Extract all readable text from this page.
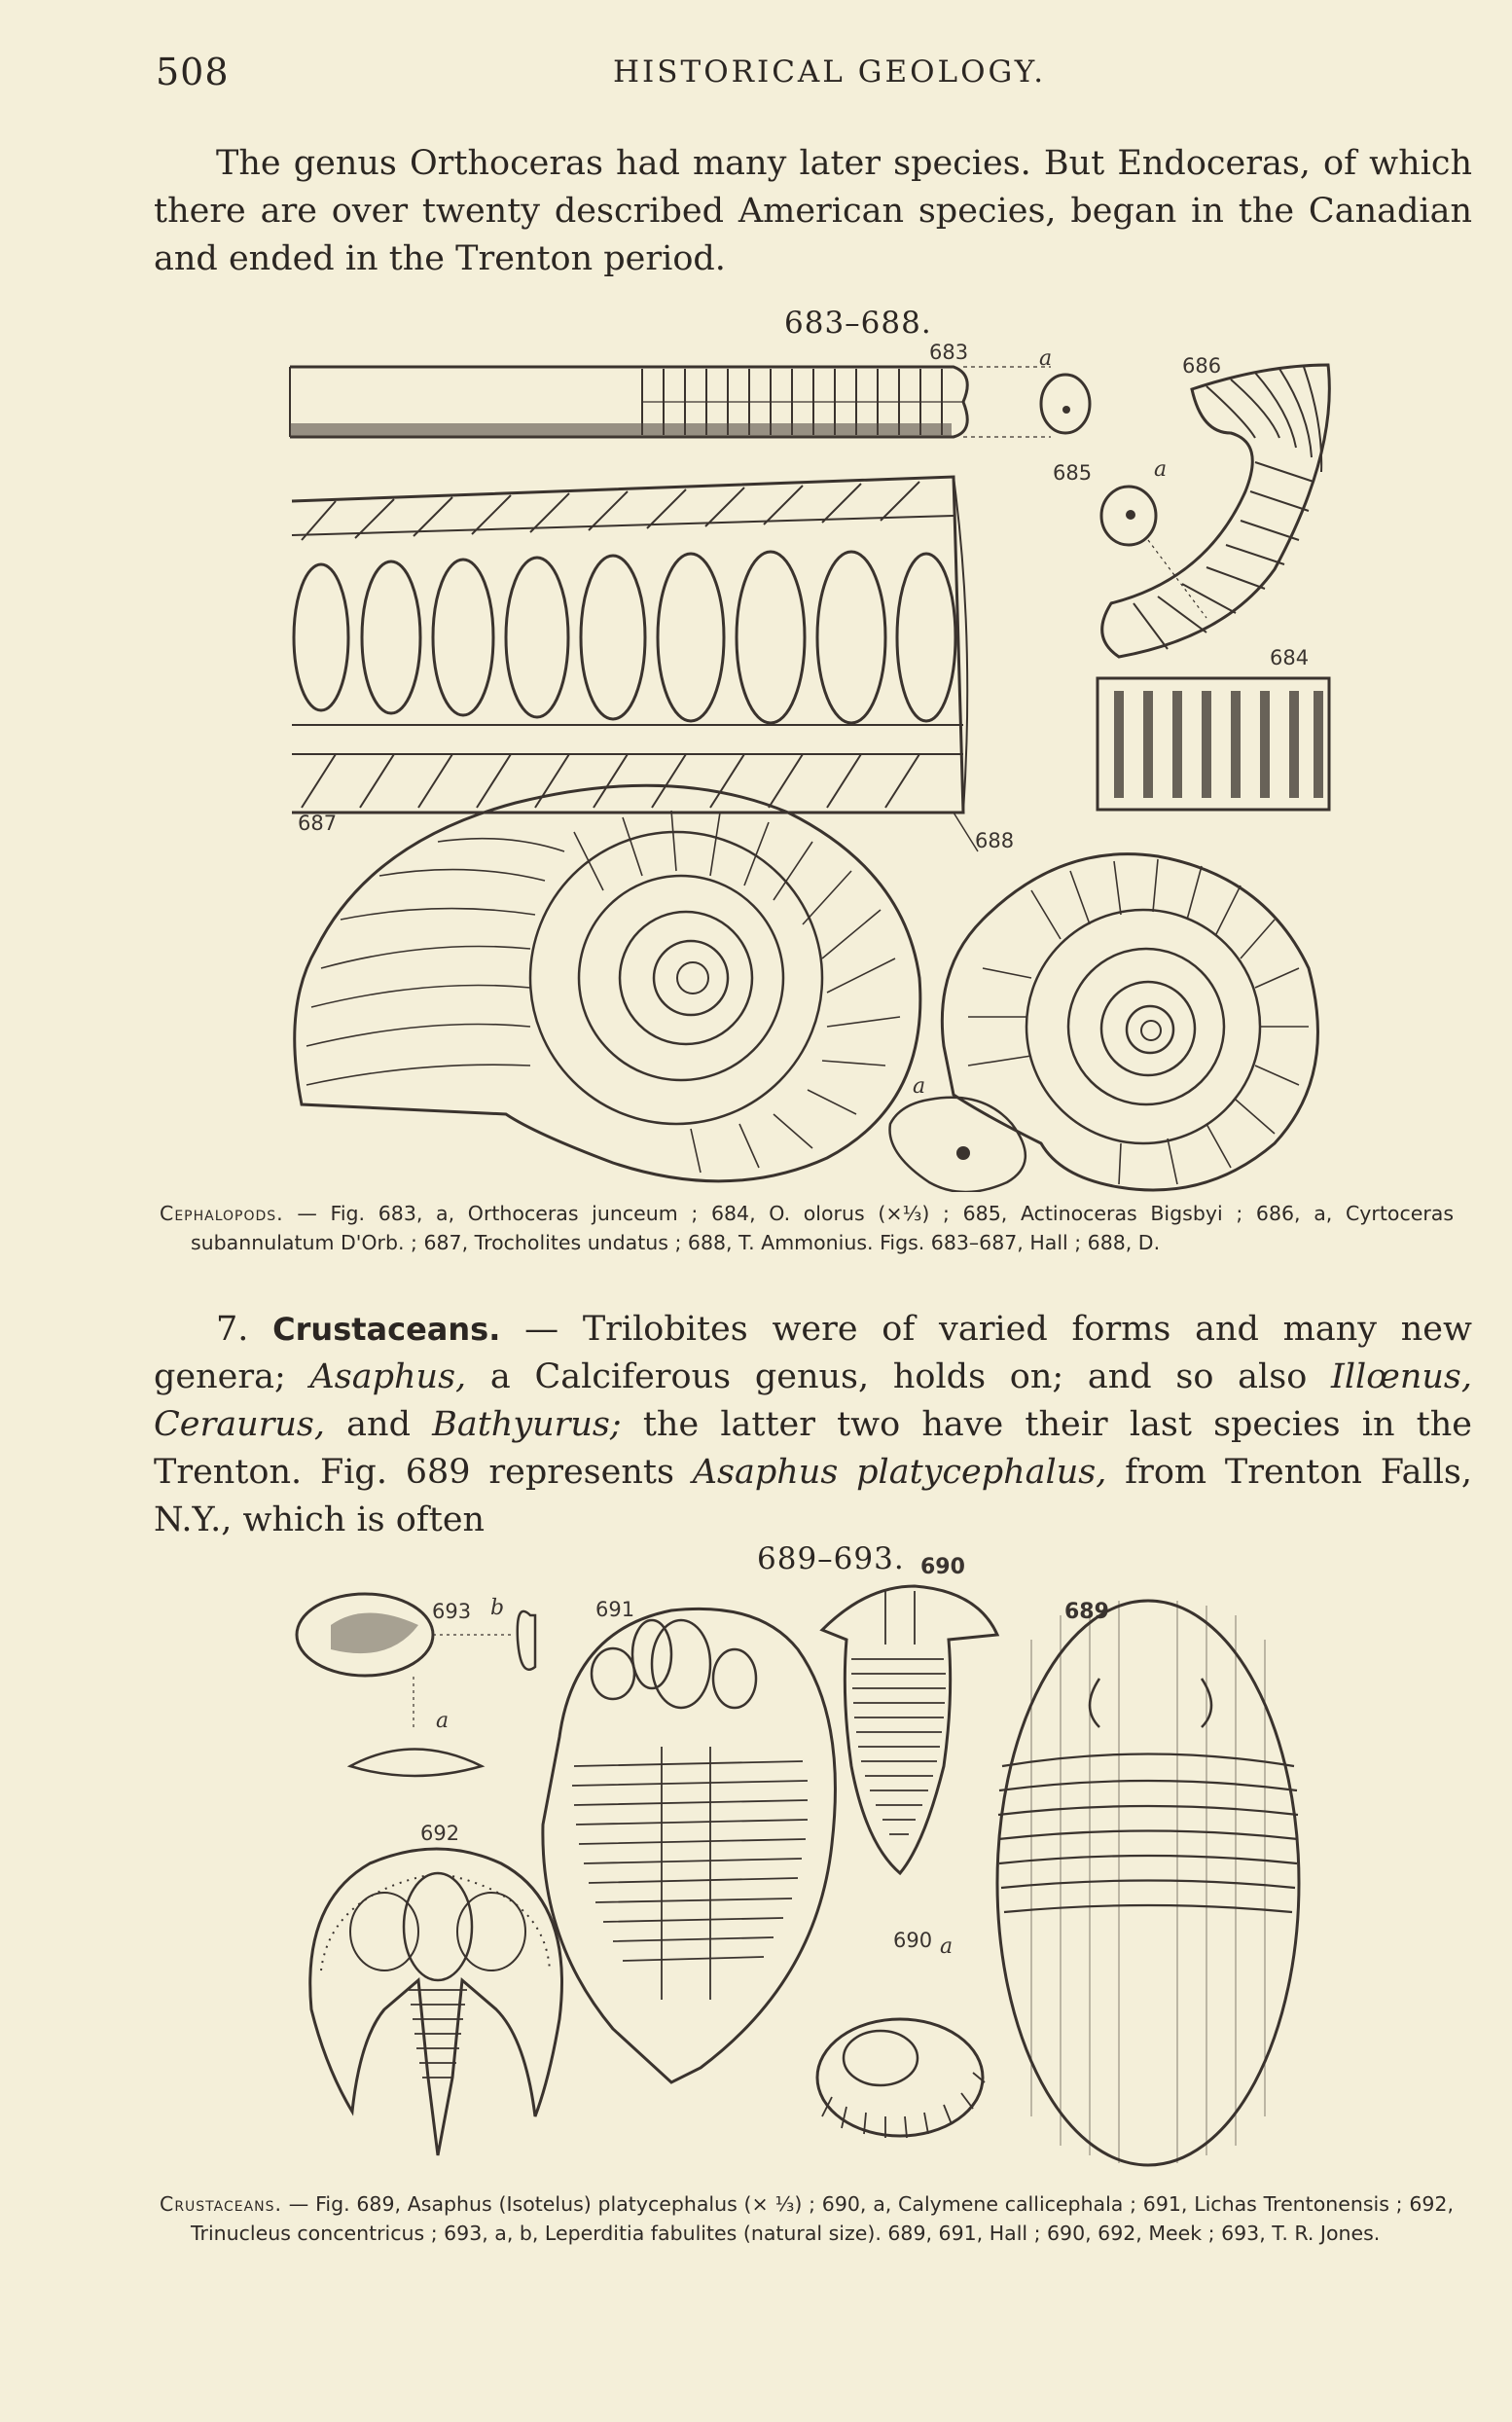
508	HISTORICAL GEOLOGY.
The genus Orthoceras had many later species. But Endoceras, of which there are over twenty described American species, began in the Canadian and ended in the Trenton period.
683–688.
683	a	686
685	a
684
687
688
a
Cephalopods. — Fig. 683, a, Orthoceras junceum ; 684, O. olorus (×⅓) ; 685, Actinoceras Bigsbyi ; 686, a, Cyrtoceras subannulatum D'Orb. ; 687, Trocholites undatus ; 688, T. Ammonius. Figs. 683–687, Hall ; 688, D.
7. Crustaceans. — Trilobites were of varied forms and many new genera; Asaphus, a Calciferous genus, holds on; and so also Illœnus, Ceraurus, and Bathyurus; the latter two have their last species in the Trenton. Fig. 689 represents Asaphus platycephalus, from Trenton Falls, N.Y., which is often
689–693.
693 b
a
691
690
689
692
690 a
Crustaceans. — Fig. 689, Asaphus (Isotelus) platycephalus (× ⅓) ; 690, a, Calymene callicephala ; 691, Lichas Trentonensis ; 692, Trinucleus concentricus ; 693, a, b, Leperditia fabulites (natural size). 689, 691, Hall ; 690, 692, Meek ; 693, T. R. Jones.
